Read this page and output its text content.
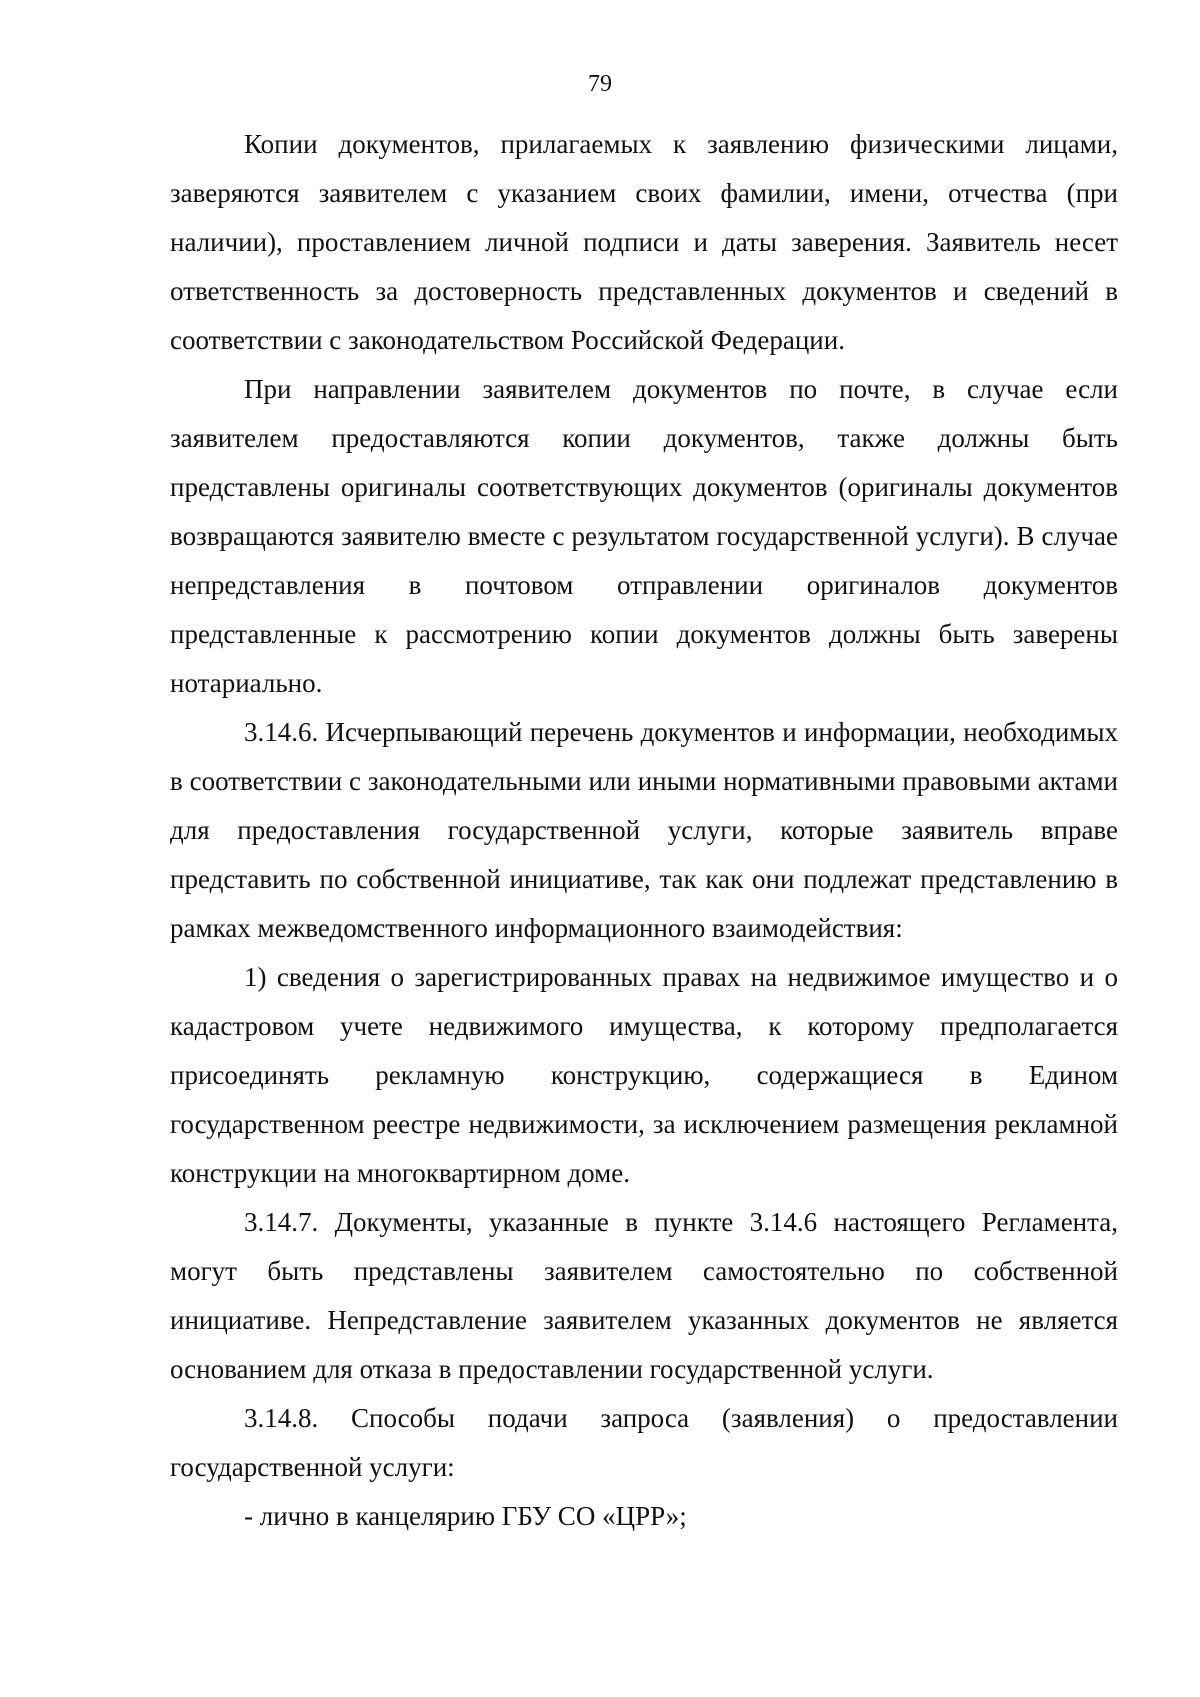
79

Копии документов, прилагаемых к заявлению физическими лицами, заверяются заявителем с указанием своих фамилии, имени, отчества (при наличии), проставлением личной подписи и даты заверения. Заявитель несет ответственность за достоверность представленных документов и сведений в соответствии с законодательством Российской Федерации.

При направлении заявителем документов по почте, в случае если заявителем предоставляются копии документов, также должны быть представлены оригиналы соответствующих документов (оригиналы документов возвращаются заявителю вместе с результатом государственной услуги). В случае непредставления в почтовом отправлении оригиналов документов представленные к рассмотрению копии документов должны быть заверены нотариально.

3.14.6. Исчерпывающий перечень документов и информации, необходимых в соответствии с законодательными или иными нормативными правовыми актами для предоставления государственной услуги, которые заявитель вправе представить по собственной инициативе, так как они подлежат представлению в рамках межведомственного информационного взаимодействия:

1) сведения о зарегистрированных правах на недвижимое имущество и о кадастровом учете недвижимого имущества, к которому предполагается присоединять рекламную конструкцию, содержащиеся в Едином государственном реестре недвижимости, за исключением размещения рекламной конструкции на многоквартирном доме.

3.14.7. Документы, указанные в пункте 3.14.6 настоящего Регламента, могут быть представлены заявителем самостоятельно по собственной инициативе. Непредставление заявителем указанных документов не является основанием для отказа в предоставлении государственной услуги.

3.14.8. Способы подачи запроса (заявления) о предоставлении государственной услуги:

- лично в канцелярию ГБУ СО «ЦРР»;
